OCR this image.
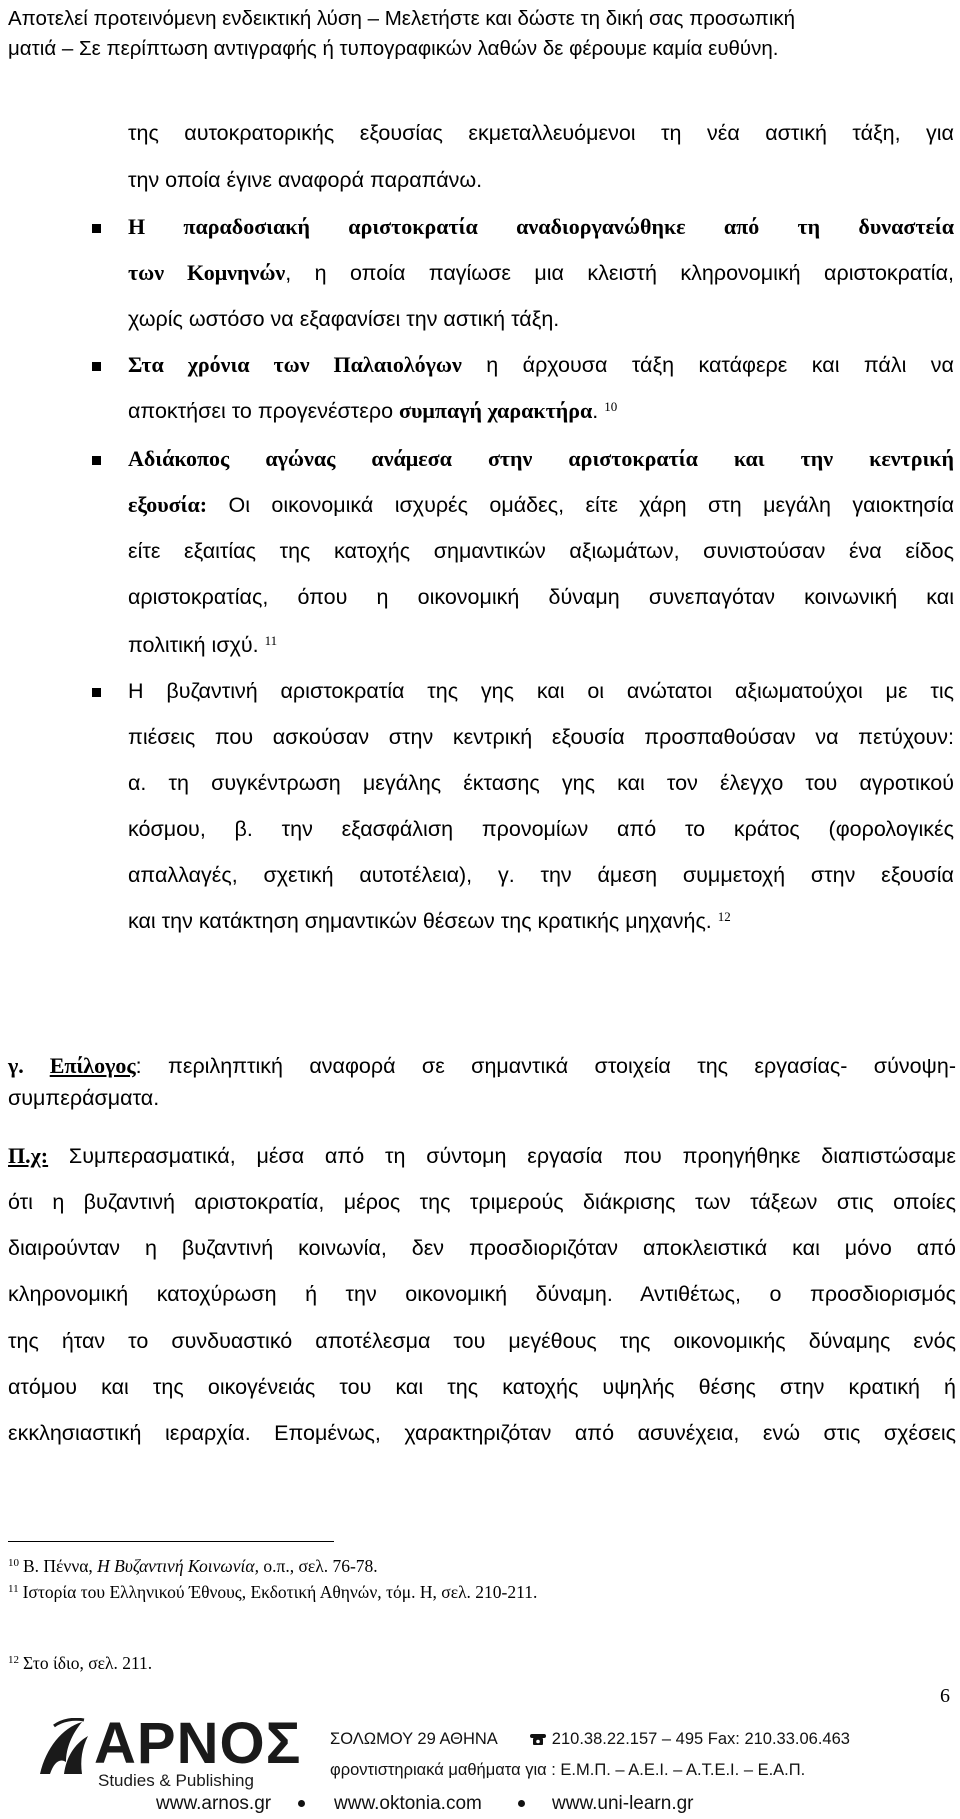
Αποτελεί προτεινόμενη ενδεικτική λύση – Μελετήστε και δώστε τη δική σας προσωπική
ματιά – Σε περίπτωση αντιγραφής ή τυπογραφικών λαθών δε φέρουμε καμία ευθύνη.
της αυτοκρατορικής εξουσίας εκμεταλλευόμενοι τη νέα αστική τάξη, για
την οποία έγινε αναφορά παραπάνω.
Η παραδοσιακή αριστοκρατία αναδιοργανώθηκε από τη δυναστεία
των Κομνηνών, η οποία παγίωσε μια κλειστή κληρονομική αριστοκρατία,
χωρίς ωστόσο να εξαφανίσει την αστική τάξη.
Στα χρόνια των Παλαιολόγων η άρχουσα τάξη κατάφερε και πάλι να
αποκτήσει το προγενέστερο συμπαγή χαρακτήρα. $^{10}$
Αδιάκοπος αγώνας ανάμεσα στην αριστοκρατία και την κεντρική
εξουσία: Οι οικονομικά ισχυρές ομάδες, είτε χάρη στη μεγάλη γαιοκτησία
είτε εξαιτίας της κατοχής σημαντικών αξιωμάτων, συνιστούσαν ένα είδος
αριστοκρατίας, όπου η οικονομική δύναμη συνεπαγόταν κοινωνική και
πολιτική ισχύ. $^{11}$
Η βυζαντινή αριστοκρατία της γης και οι ανώτατοι αξιωματούχοι με τις
πιέσεις που ασκούσαν στην κεντρική εξουσία προσπαθούσαν να πετύχουν:
α. τη συγκέντρωση μεγάλης έκτασης γης και τον έλεγχο του αγροτικού
κόσμου, β. την εξασφάλιση προνομίων από το κράτος (φορολογικές
απαλλαγές, σχετική αυτοτέλεια), γ. την άμεση συμμετοχή στην εξουσία
και την κατάκτηση σημαντικών θέσεων της κρατικής μηχανής. $^{12}$
γ. Επίλογος: περιληπτική αναφορά σε σημαντικά στοιχεία της εργασίας- σύνοψη-
συμπεράσματα.
Π.χ: Συμπερασματικά, μέσα από τη σύντομη εργασία που προηγήθηκε διαπιστώσαμε
ότι η βυζαντινή αριστοκρατία, μέρος της τριμερούς διάκρισης των τάξεων στις οποίες
διαιρούνταν η βυζαντινή κοινωνία, δεν προσδιοριζόταν αποκλειστικά και μόνο από
κληρονομική κατοχύρωση ή την οικονομική δύναμη. Αντιθέτως, ο προσδιορισμός
της ήταν το συνδυαστικό αποτέλεσμα του μεγέθους της οικονομικής δύναμης ενός
ατόμου και της οικογένειάς του και της κατοχής υψηλής θέσης στην κρατική ή
εκκλησιαστική ιεραρχία. Επομένως, χαρακτηριζόταν από ασυνέχεια, ενώ στις σχέσεις
$^{10}$ Β. Πέννα, Η Βυζαντινή Κοινωνία, ο.π., σελ. 76-78.
$^{11}$ Ιστορία του Ελληνικού Έθνους, Εκδοτική Αθηνών, τόμ. Η, σελ. 210-211.
$^{12}$ Στο ίδιο, σελ. 211.
6
ΑΡΝΟΣ
Studies & Publishing
ΣΟΛΩΜΟΥ 29 ΑΘΗΝΑ	210.38.22.157 – 495 Fax: 210.33.06.463
φροντιστηριακά μαθήματα για : Ε.Μ.Π. – Α.Ε.Ι. – Α.Τ.Ε.Ι. – Ε.Α.Π.
www.arnos.gr	www.oktonia.com	www.uni-learn.gr
